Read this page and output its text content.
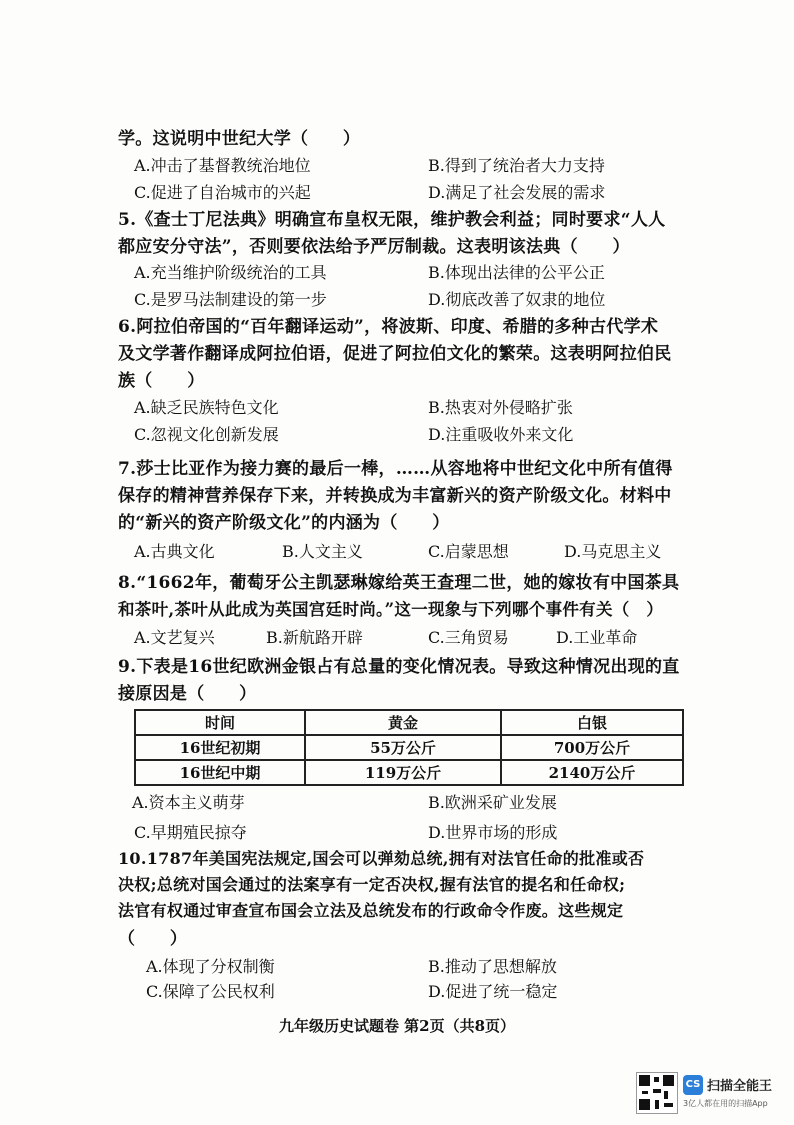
学。这说明中世纪大学（　　）
A.冲击了基督教统治地位	B.得到了统治者大力支持
C.促进了自治城市的兴起	D.满足了社会发展的需求
5.《查士丁尼法典》明确宣布皇权无限，维护教会利益；同时要求“人人
都应安分守法”，否则要依法给予严厉制裁。这表明该法典（　　）
A.充当维护阶级统治的工具	B.体现出法律的公平公正
C.是罗马法制建设的第一步	D.彻底改善了奴隶的地位
6.阿拉伯帝国的“百年翻译运动”，将波斯、印度、希腊的多种古代学术
及文学著作翻译成阿拉伯语，促进了阿拉伯文化的繁荣。这表明阿拉伯民
族（　　）
A.缺乏民族特色文化	B.热衷对外侵略扩张
C.忽视文化创新发展	D.注重吸收外来文化
7.莎士比亚作为接力赛的最后一棒，……从容地将中世纪文化中所有值得
保存的精神营养保存下来，并转换成为丰富新兴的资产阶级文化。材料中
的“新兴的资产阶级文化”的内涵为（　　）
A.古典文化	B.人文主义	C.启蒙思想	D.马克思主义
8.“1662年，葡萄牙公主凯瑟琳嫁给英王查理二世，她的嫁妆有中国茶具
和茶叶,茶叶从此成为英国宫廷时尚。”这一现象与下列哪个事件有关（　）
A.文艺复兴	B.新航路开辟	C.三角贸易	D.工业革命
9.下表是16世纪欧洲金银占有总量的变化情况表。导致这种情况出现的直
接原因是（　　）
时间	黄金	白银
16世纪初期	55万公斤	700万公斤
16世纪中期	119万公斤	2140万公斤
A.资本主义萌芽	B.欧洲采矿业发展
C.早期殖民掠夺	D.世界市场的形成
10.1787年美国宪法规定,国会可以弹劾总统,拥有对法官任命的批准或否
决权;总统对国会通过的法案享有一定否决权,握有法官的提名和任命权;
法官有权通过审查宣布国会立法及总统发布的行政命令作废。这些规定
（　　）
A.体现了分权制衡	B.推动了思想解放
C.保障了公民权利	D.促进了统一稳定
九年级历史试题卷 第2页（共8页）
CS 扫描全能王
3亿人都在用的扫描App
